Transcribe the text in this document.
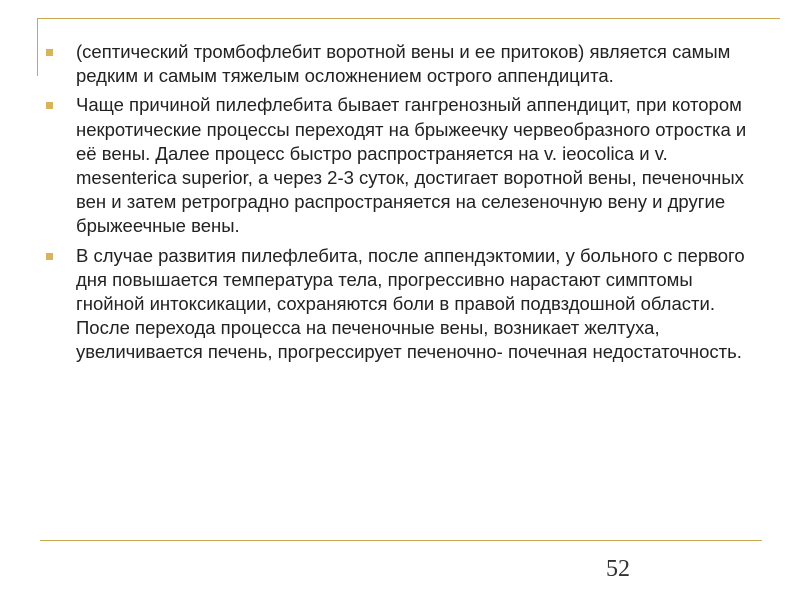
(септический тромбофлебит воротной вены и ее притоков) является самым редким и самым тяжелым осложнением острого аппендицита.
Чаще причиной пилефлебита бывает гангренозный аппендицит, при котором некротические процессы переходят на брыжеечку червеобразного отростка и её вены. Далее процесс быстро распространяется на v. ieocolica и v. mesenterica superior, а через 2-3 суток, достигает воротной вены, печеночных вен и затем ретроградно распространяется на селезеночную вену и другие брыжеечные вены.
В случае развития пилефлебита, после аппендэктомии, у больного с первого дня повышается температура тела, прогрессивно нарастают симптомы гнойной интоксикации, сохраняются боли в правой подвздошной области. После перехода процесса на печеночные вены, возникает желтуха, увеличивается печень, прогрессирует печеночно- почечная недостаточность.
52
